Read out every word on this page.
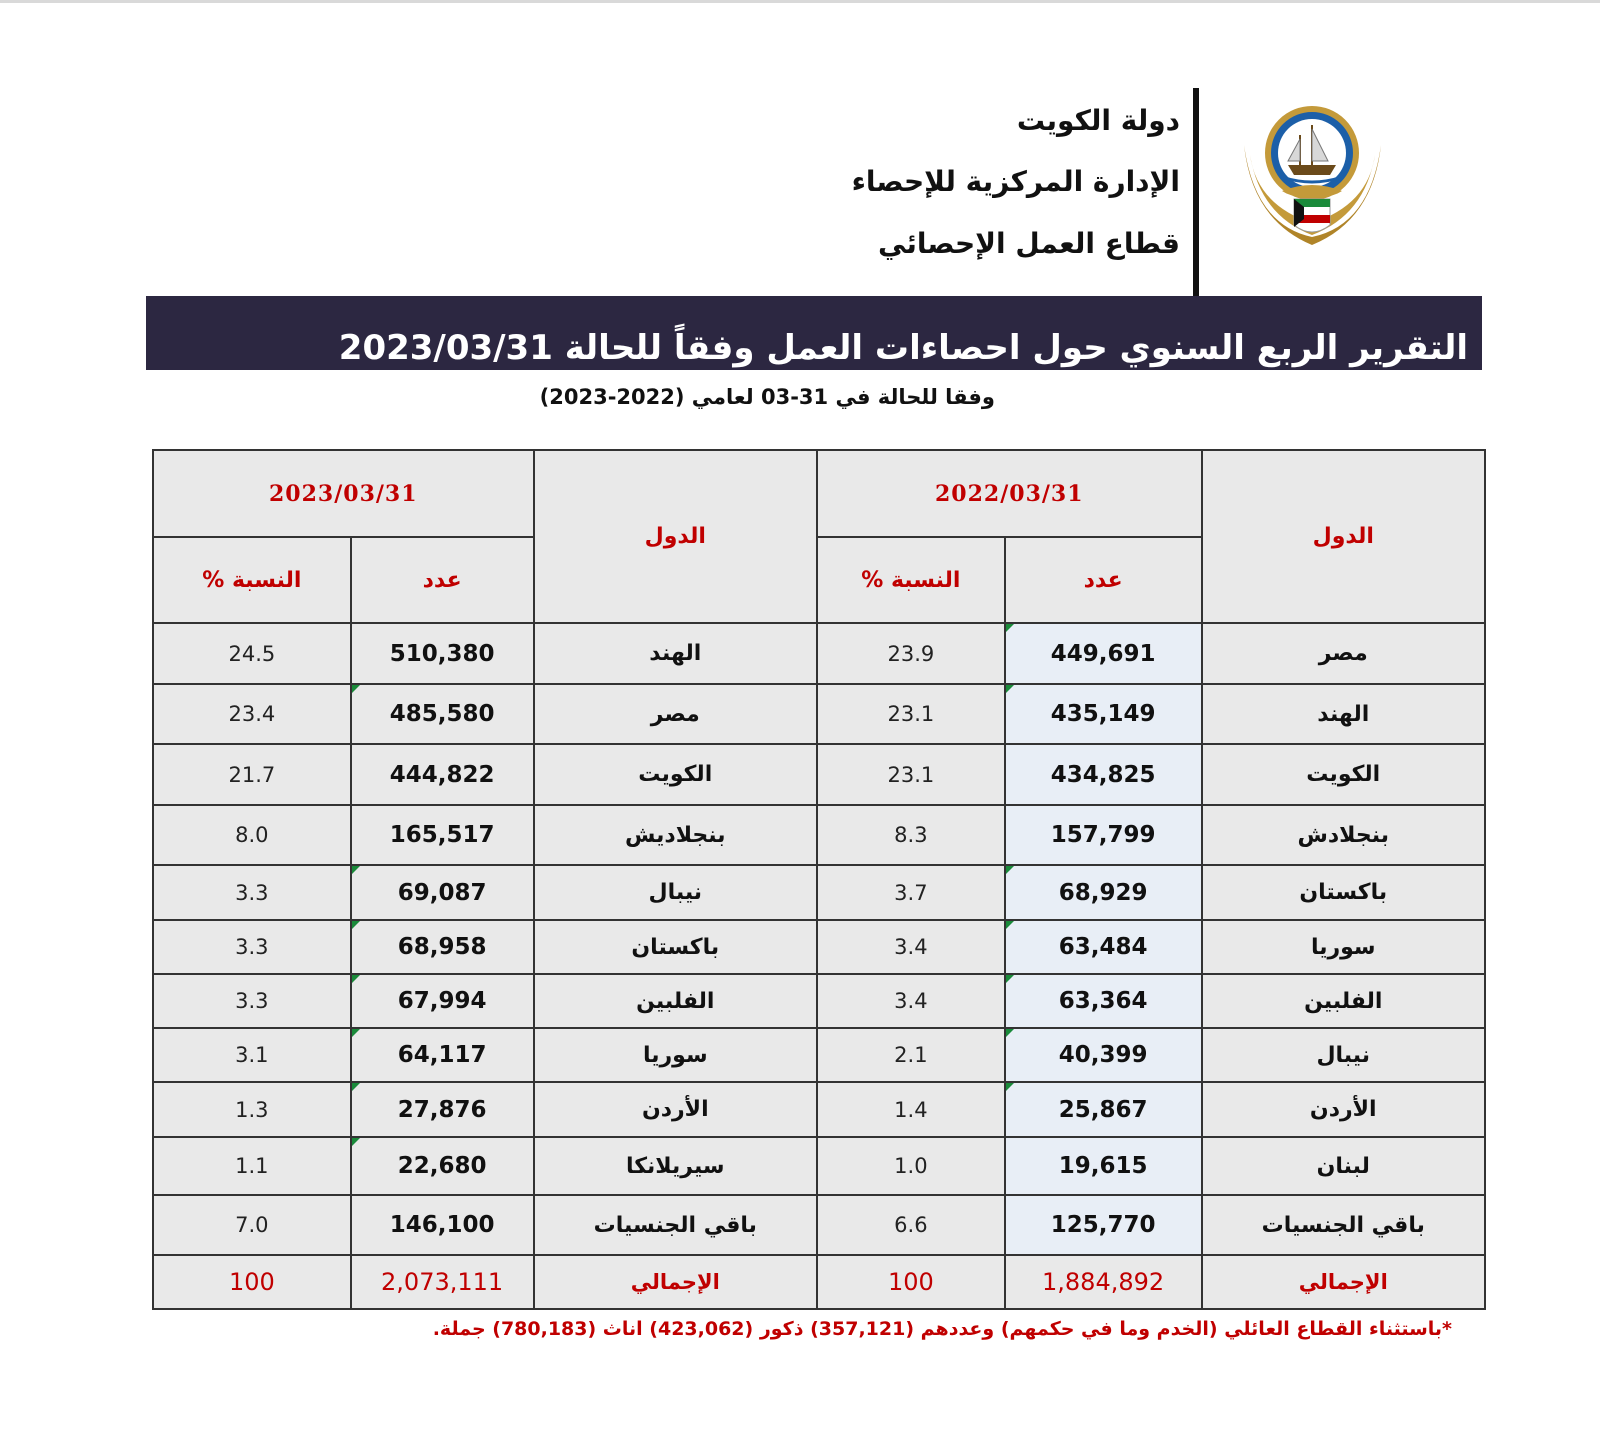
دولة الكويت
الإدارة المركزية للإحصاء
قطاع العمل الإحصائي
التقرير الربع السنوي حول احصاءات العمل وفقاً للحالة 2023/03/31
وفقا للحالة في 31-03 لعامي (2022-2023)
الدول	2022/03/31		الدول	2023/03/31	
	عدد	النسبة %		عدد	النسبة %
مصر	449,691	23.9	الهند	510,380	24.5
الهند	435,149	23.1	مصر	485,580	23.4
الكويت	434,825	23.1	الكويت	444,822	21.7
بنجلادش	157,799	8.3	بنجلاديش	165,517	8.0
باكستان	68,929	3.7	نيبال	69,087	3.3
سوريا	63,484	3.4	باكستان	68,958	3.3
الفلبين	63,364	3.4	الفلبين	67,994	3.3
نيبال	40,399	2.1	سوريا	64,117	3.1
الأردن	25,867	1.4	الأردن	27,876	1.3
لبنان	19,615	1.0	سيريلانكا	22,680	1.1
باقي الجنسيات	125,770	6.6	باقي الجنسيات	146,100	7.0
الإجمالي	1,884,892	100	الإجمالي	2,073,111	100
*باستثناء القطاع العائلي (الخدم وما في حكمهم) وعددهم (357,121) ذكور (423,062) اناث (780,183) جملة.
